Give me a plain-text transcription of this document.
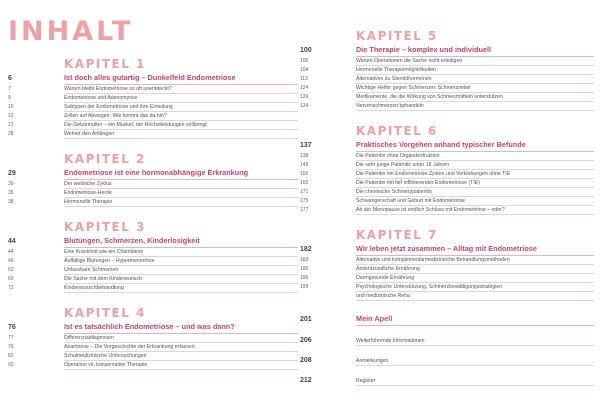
INHALT
KAPITEL 1
6	Ist doch alles gutartig – Dunkelfeld Endometriose
7	Warum bleibt Endometriose so oft unentdeckt?
9	Endometriose und Adenomyose
10	Subtypen der Endometriose und ihre Einteilung
12	Zellen auf Abwegen: Wie kommt das da hin?
21	Die Gebärmutter – ein Muskel, der Höchstleistungen vollbringt
28	Wehret den Anfängen
KAPITEL 2
29	Endometriose ist eine hormonabhängige Erkrankung
30	Der weibliche Zyklus
35	Endometriose-Herde
38	Hormonelle Therapie
KAPITEL 3
44	Blutungen, Schmerzen, Kinderlosigkeit
44	Eine Krankheit wie ein Chamäleon
49	Auffällige Blutungen – Hypermenorrhoe
52	Unfassbare Schmerzen
65	Die Sache mit dem Kinderwunsch
72	Kinderwunschbehandlung
KAPITEL 4
76	Ist es tatsächlich Endometriose – und was dann?
77	Differenzialdiagnosen
79	Anamnese – Die Vorgeschichte der Erkrankung erfassen
83	Schulmedizinische Untersuchungen
93	Operation vs. konservative Therapie
KAPITEL 5
100	Die Therapie – komplex und individuell
100	Warum Operationen die Sache nicht erledigen
104	Hormonelle Therapiemöglichkeiten
115	Alternativen zu Steroidhormonen
124	Wichtige Helfer gegen Schmerzen: Schmerzmittel
126	Medikamente, die die Wirkung von Schmerzmitteln unterstützen
134	Nervenschmerzen behandeln
KAPITEL 6
137	Praktisches Vorgehen anhand typischer Befunde
138	Die Patientin ohne Organdestruktion
149	Die sehr junge Patientin unter 18 Jahren
155	Die Patientin mit Endometriose-Zysten und Verklebungen ohne TIE
165	Die Patientin mit tief infiltrierender Endometriose (TIE)
171	Die chronische Schmerzpatientin
175	Schwangerschaft und Geburt mit Endometriose
177	Ab der Menopause ist endlich Schluss mit Endometriose – oder?
KAPITEL 7
182	Wir leben jetzt zusammen – Alltag mit Endometriose
183	Alternative und komplementärmedizinische Behandlungsmethoden
190	Antientzündliche Ernährung
196	Darmgesunde Ernährung
199	Psychologische Unterstützung, Schmerzbewältigungsstrategien
und medizinische Reha
201	Mein Apell
206	Weiterführende Informationen
208	Anmerkungen
212	Register
